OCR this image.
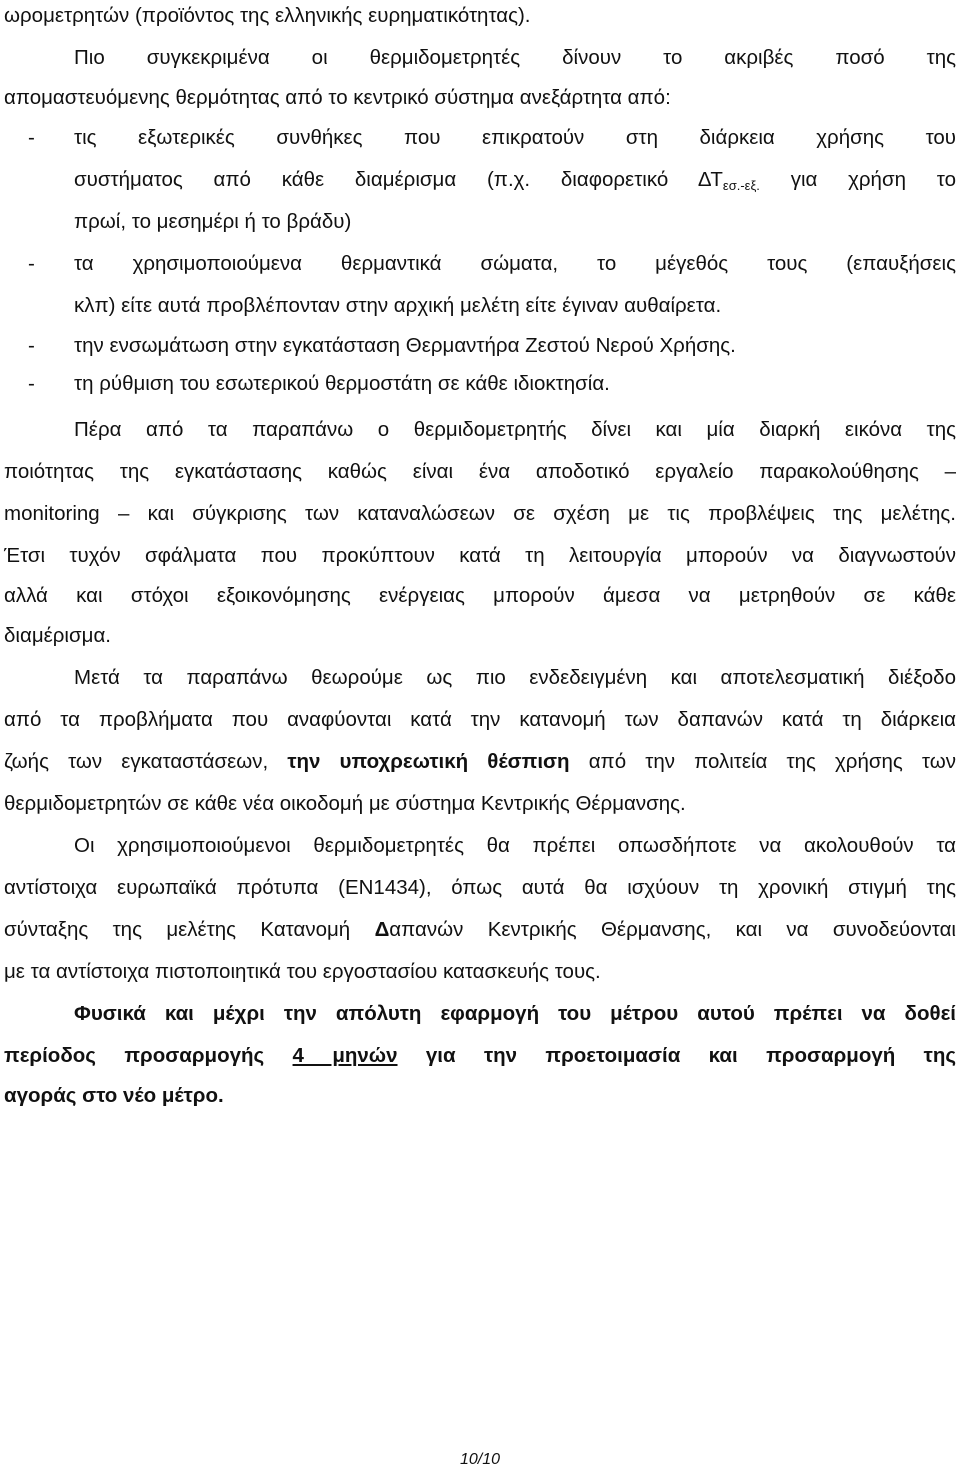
ωρομετρητών (προϊόντος της ελληνικής ευρηματικότητας).
Πιο συγκεκριμένα οι θερμιδομετρητές δίνουν το ακριβές ποσό της
απομαστευόμενης θερμότητας από το κεντρικό σύστημα ανεξάρτητα από:
- τις εξωτερικές συνθήκες που επικρατούν στη διάρκεια χρήσης του
συστήματος από κάθε διαμέρισμα (π.χ. διαφορετικό $\Delta T_{\varepsilon\sigma.-\varepsilon\xi.}$ για χρήση το
πρωί, το μεσημέρι ή το βράδυ)
- τα χρησιμοποιούμενα θερμαντικά σώματα, το μέγεθός τους (επαυξήσεις
κλπ) είτε αυτά προβλέπονταν στην αρχική μελέτη είτε έγιναν αυθαίρετα.
- την ενσωμάτωση στην εγκατάσταση Θερμαντήρα Ζεστού Νερού Χρήσης.
- τη ρύθμιση του εσωτερικού θερμοστάτη σε κάθε ιδιοκτησία.
Πέρα από τα παραπάνω ο θερμιδομετρητής δίνει και μία διαρκή εικόνα της
ποιότητας της εγκατάστασης καθώς είναι ένα αποδοτικό εργαλείο παρακολούθησης –
monitoring – και σύγκρισης των καταναλώσεων σε σχέση με τις προβλέψεις της μελέτης.
Έτσι τυχόν σφάλματα που προκύπτουν κατά τη λειτουργία μπορούν να διαγνωστούν
αλλά και στόχοι εξοικονόμησης ενέργειας μπορούν άμεσα να μετρηθούν σε κάθε
διαμέρισμα.
Μετά τα παραπάνω θεωρούμε ως πιο ενδεδειγμένη και αποτελεσματική διέξοδο
από τα προβλήματα που αναφύονται κατά την κατανομή των δαπανών κατά τη διάρκεια
ζωής των εγκαταστάσεων, την υποχρεωτική θέσπιση από την πολιτεία της χρήσης των
θερμιδομετρητών σε κάθε νέα οικοδομή με σύστημα Κεντρικής Θέρμανσης.
Οι χρησιμοποιούμενοι θερμιδομετρητές θα πρέπει οπωσδήποτε να ακολουθούν τα
αντίστοιχα ευρωπαϊκά πρότυπα (EN1434), όπως αυτά θα ισχύουν τη χρονική στιγμή της
σύνταξης της μελέτης Κατανομή Δαπανών Κεντρικής Θέρμανσης, και να συνοδεύονται
με τα αντίστοιχα πιστοποιητικά του εργοστασίου κατασκευής τους.
Φυσικά και μέχρι την απόλυτη εφαρμογή του μέτρου αυτού πρέπει να δοθεί
περίοδος προσαρμογής 4 μηνών για την προετοιμασία και προσαρμογή της
αγοράς στο νέο μέτρο.
10/10
